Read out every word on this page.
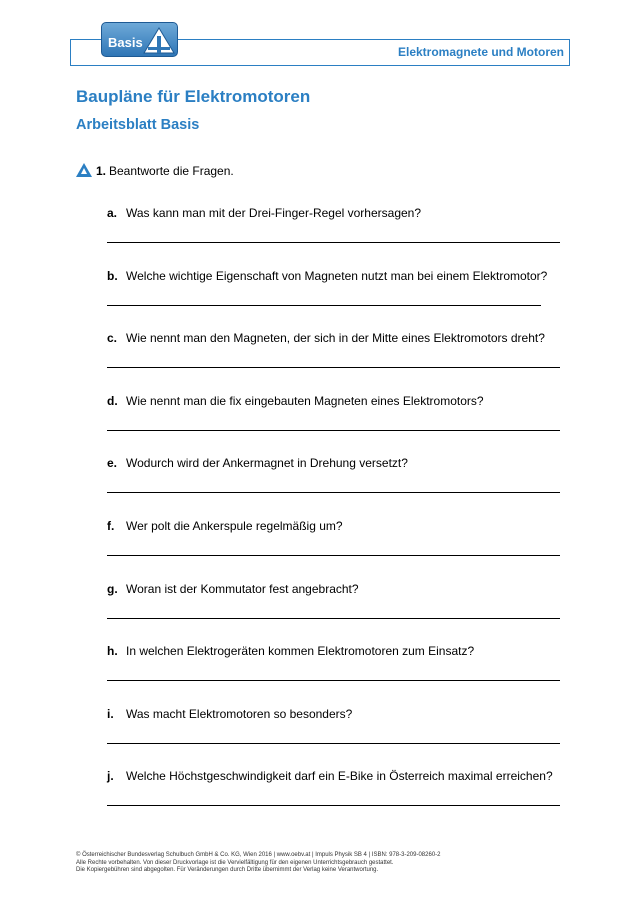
Basis
Elektromagnete und Motoren
Baupläne für Elektromotoren
Arbeitsblatt Basis
1. Beantworte die Fragen.
a. Was kann man mit der Drei-Finger-Regel vorhersagen?
b. Welche wichtige Eigenschaft von Magneten nutzt man bei einem Elektromotor?
c. Wie nennt man den Magneten, der sich in der Mitte eines Elektromotors dreht?
d. Wie nennt man die fix eingebauten Magneten eines Elektromotors?
e. Wodurch wird der Ankermagnet in Drehung versetzt?
f. Wer polt die Ankerspule regelmäßig um?
g. Woran ist der Kommutator fest angebracht?
h. In welchen Elektrogeräten kommen Elektromotoren zum Einsatz?
i. Was macht Elektromotoren so besonders?
j. Welche Höchstgeschwindigkeit darf ein E-Bike in Österreich maximal erreichen?
© Österreichischer Bundesverlag Schulbuch GmbH & Co. KG, Wien 2016 | www.oebv.at | Impuls Physik SB 4 | ISBN: 978-3-209-08260-2
Alle Rechte vorbehalten. Von dieser Druckvorlage ist die Vervielfältigung für den eigenen Unterrichtsgebrauch gestattet.
Die Kopiergebühren sind abgegolten. Für Veränderungen durch Dritte übernimmt der Verlag keine Verantwortung.
